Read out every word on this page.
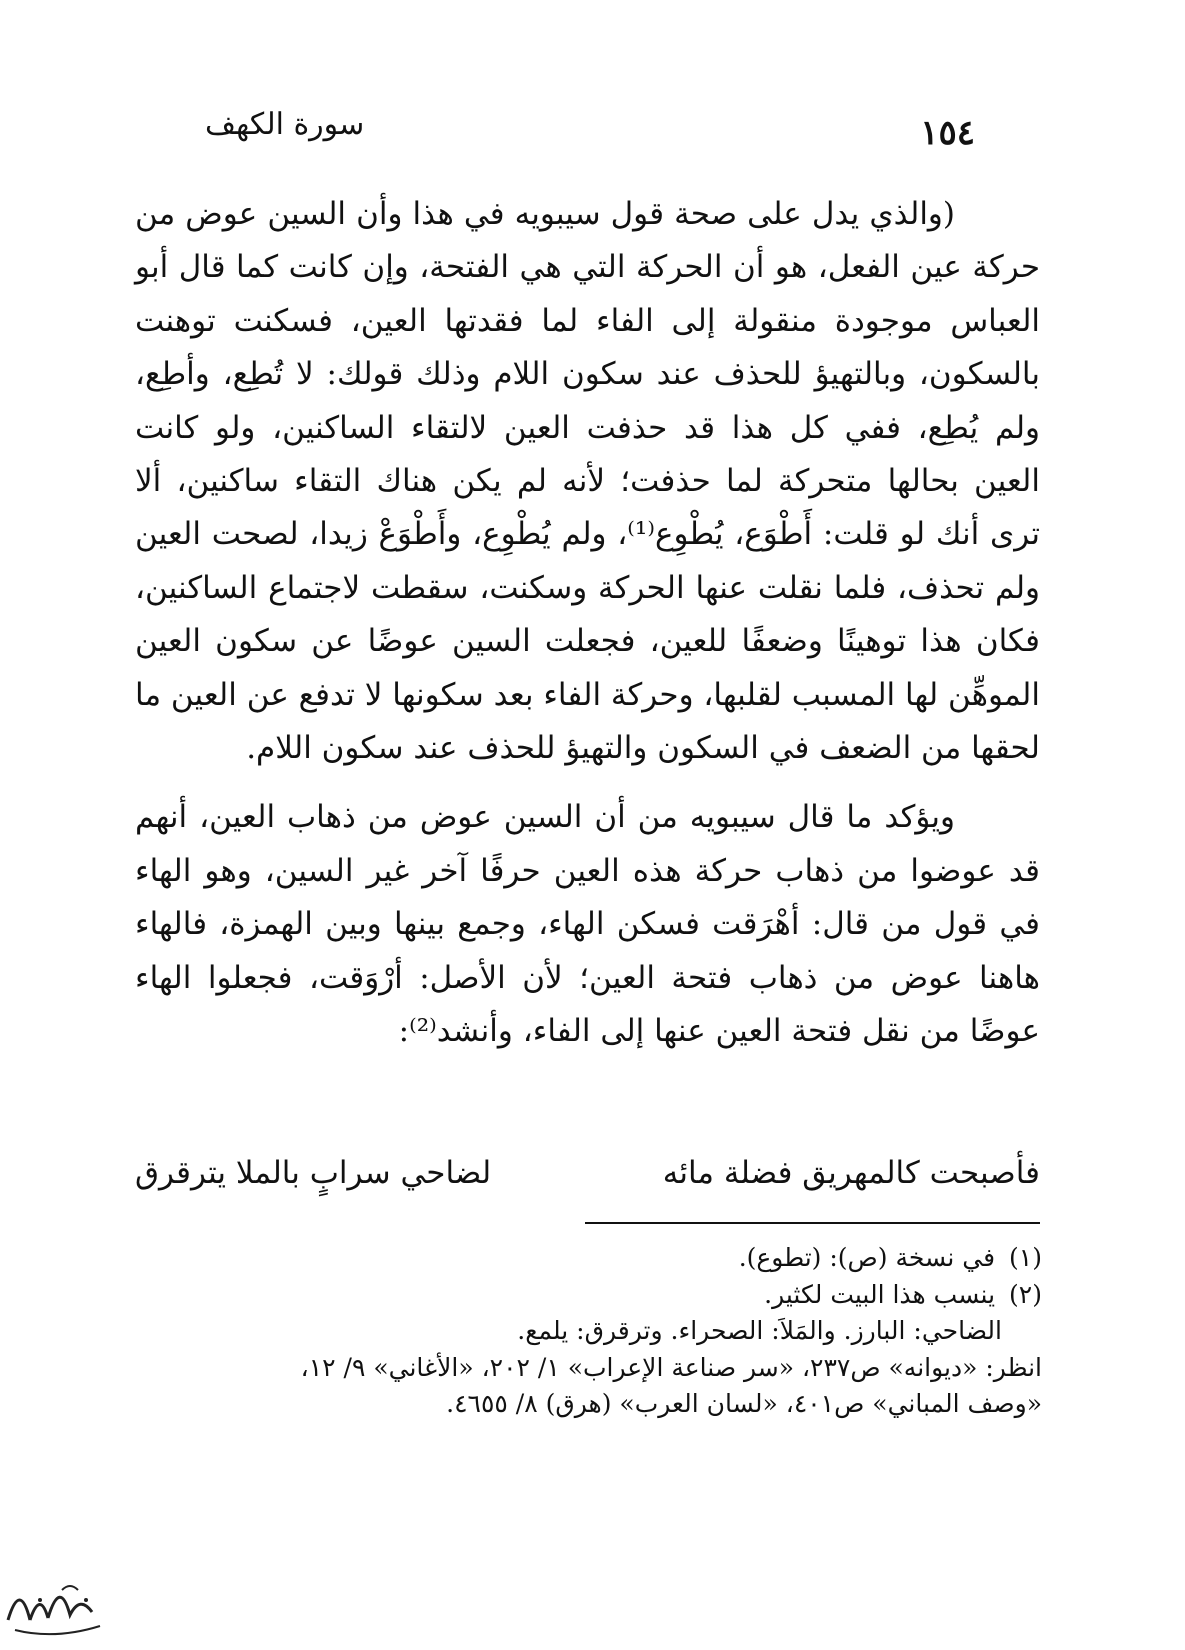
١٥٤
سورة الكهف

(والذي يدل على صحة قول سيبويه في هذا وأن السين عوض من حركة عين الفعل، هو أن الحركة التي هي الفتحة، وإن كانت كما قال أبو العباس موجودة منقولة إلى الفاء لما فقدتها العين، فسكنت توهنت بالسكون، وبالتهيؤ للحذف عند سكون اللام وذلك قولك: لا تُطِع، وأطِع، ولم يُطِع، ففي كل هذا قد حذفت العين لالتقاء الساكنين، ولو كانت العين بحالها متحركة لما حذفت؛ لأنه لم يكن هناك التقاء ساكنين، ألا ترى أنك لو قلت: أَطْوَع، يُطْوِع⁽¹⁾، ولم يُطْوِع، وأَطْوَعْ زيدا، لصحت العين ولم تحذف، فلما نقلت عنها الحركة وسكنت، سقطت لاجتماع الساكنين، فكان هذا توهينًا وضعفًا للعين، فجعلت السين عوضًا عن سكون العين الموهِّن لها المسبب لقلبها، وحركة الفاء بعد سكونها لا تدفع عن العين ما لحقها من الضعف في السكون والتهيؤ للحذف عند سكون اللام.

ويؤكد ما قال سيبويه من أن السين عوض من ذهاب العين، أنهم قد عوضوا من ذهاب حركة هذه العين حرفًا آخر غير السين، وهو الهاء في قول من قال: أهْرَقت فسكن الهاء، وجمع بينها وبين الهمزة، فالهاء هاهنا عوض من ذهاب فتحة العين؛ لأن الأصل: أرْوَقت، فجعلوا الهاء عوضًا من نقل فتحة العين عنها إلى الفاء، وأنشد⁽²⁾:

فأصبحت كالمهريق فضلة مائه
لضاحي سرابٍ بالملا يترقرق

(١)في نسخة (ص): (تطوع).

(٢)ينسب هذا البيت لكثير.

الضاحي: البارز. والمَلاَ: الصحراء. وترقرق: يلمع.

انظر: «ديوانه» ص٢٣٧، «سر صناعة الإعراب» ١/ ٢٠٢، «الأغاني» ٩/ ١٢،

«وصف المباني» ص٤٠١، «لسان العرب» (هرق) ٨/ ٤٦٥٥.
